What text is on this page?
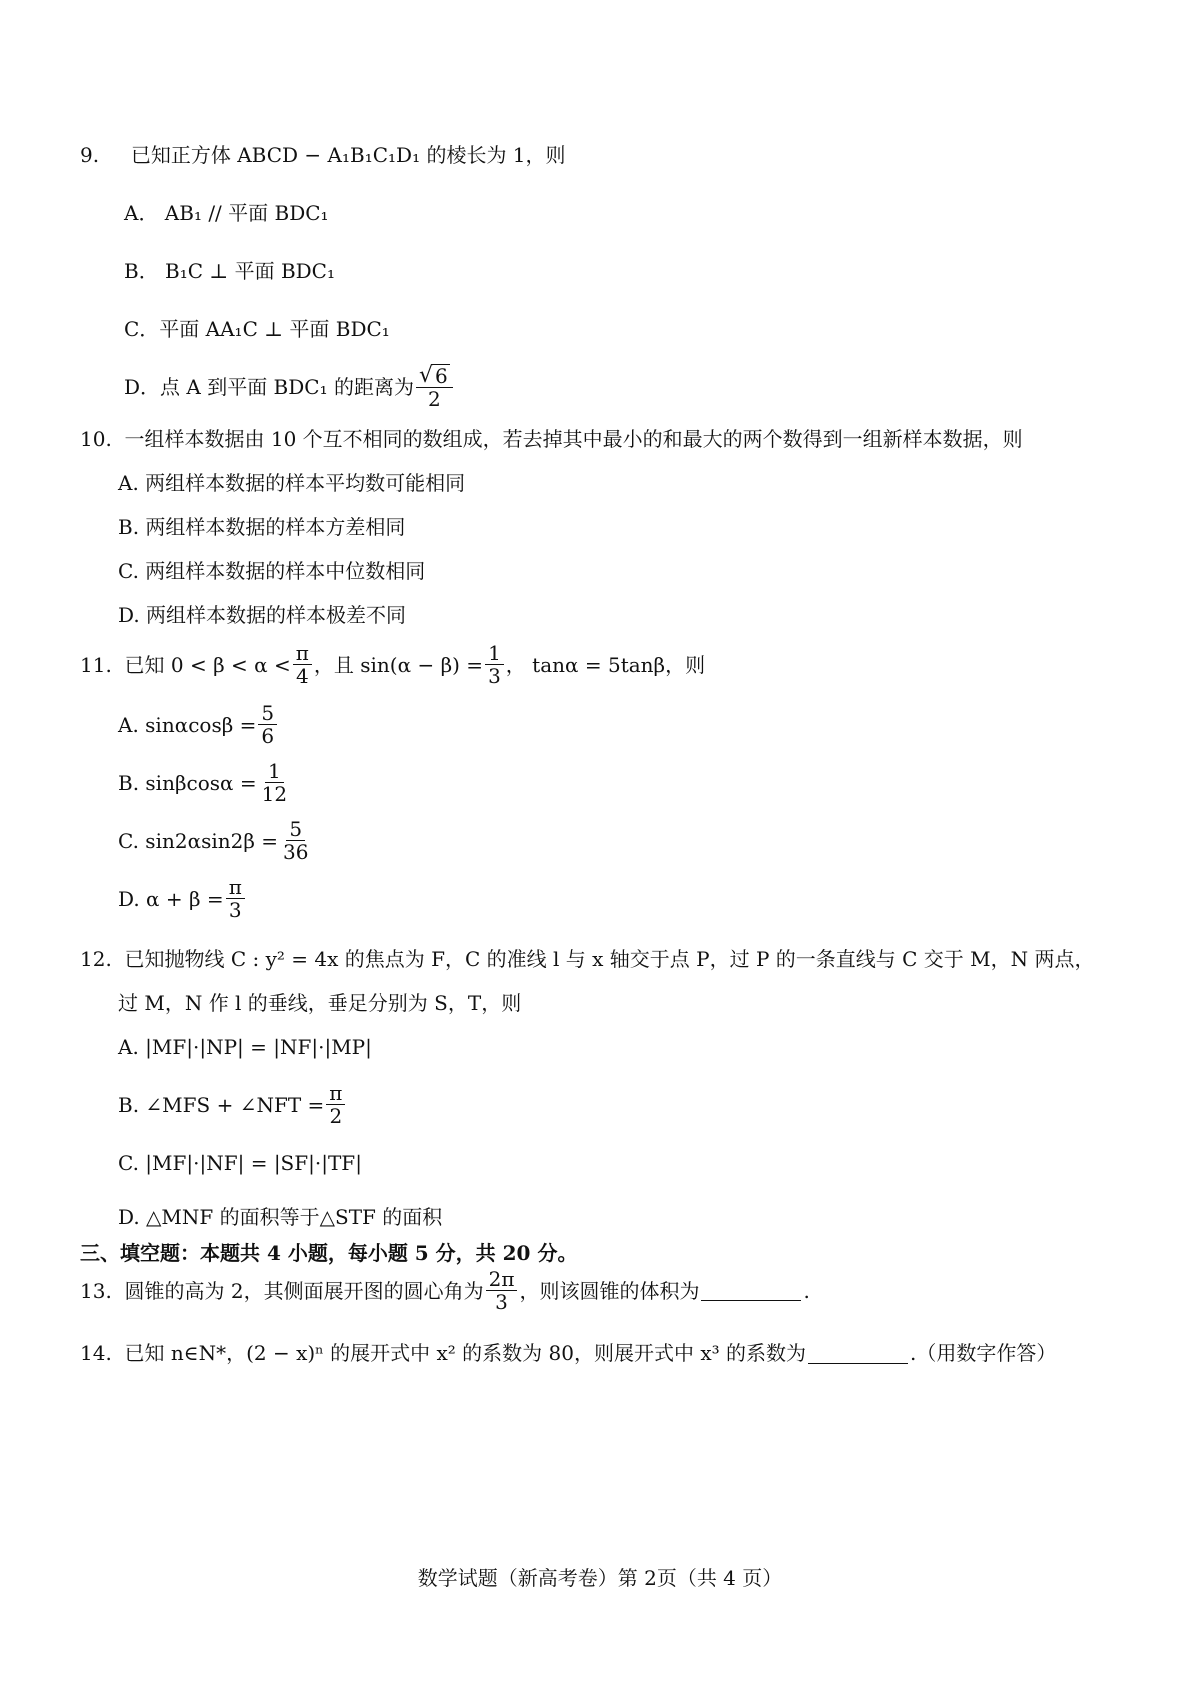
9.     已知正方体 ABCD − A₁B₁C₁D₁ 的棱长为 1，则
A． AB₁ // 平面 BDC₁
B． B₁C ⊥ 平面 BDC₁
C．平面 AA₁C ⊥ 平面 BDC₁
D．点 A 到平面 BDC₁ 的距离为 $\frac{√ 6}{2}$
10.  一组样本数据由 10 个互不相同的数组成，若去掉其中最小的和最大的两个数得到一组新样本数据，则
A. 两组样本数据的样本平均数可能相同
B. 两组样本数据的样本方差相同
C. 两组样本数据的样本中位数相同
D. 两组样本数据的样本极差不同
11.  已知 $0 < \beta < \alpha < \frac{\pi}{4}$ ，且 $\sin(\alpha - \beta) = \frac{1}{3}$ ， tanα = 5tanβ，则
A. $\sin\alpha\cos\beta = \frac{5}{6}$
B. $\sin\beta\cos\alpha = \frac{1}{12}$
C. $\sin 2\alpha\sin 2\beta = \frac{5}{36}$
D. $\alpha + \beta = \frac{\pi}{3}$
12.  已知抛物线 C : y² = 4x 的焦点为 F，C 的准线 l 与 x 轴交于点 P，过 P 的一条直线与 C 交于 M，N 两点，
过 M，N 作 l 的垂线，垂足分别为 S，T，则
A. |MF|·|NP| = |NF|·|MP|
B. ∠MFS + ∠NFT = $\frac{\pi}{2}$
C. |MF|·|NF| = |SF|·|TF|
D. △MNF 的面积等于△STF 的面积
三、填空题：本题共 4 小题，每小题 5 分，共 20 分。
13.  圆锥的高为 2，其侧面展开图的圆心角为 $\frac{2\pi}{3}$ ，则该圆锥的体积为	.
14.  已知 n∈N*，(2 − x)ⁿ 的展开式中 x² 的系数为 80，则展开式中 x³ 的系数为	.（用数字作答）
数学试题（新高考卷）第 2页（共 4 页）
